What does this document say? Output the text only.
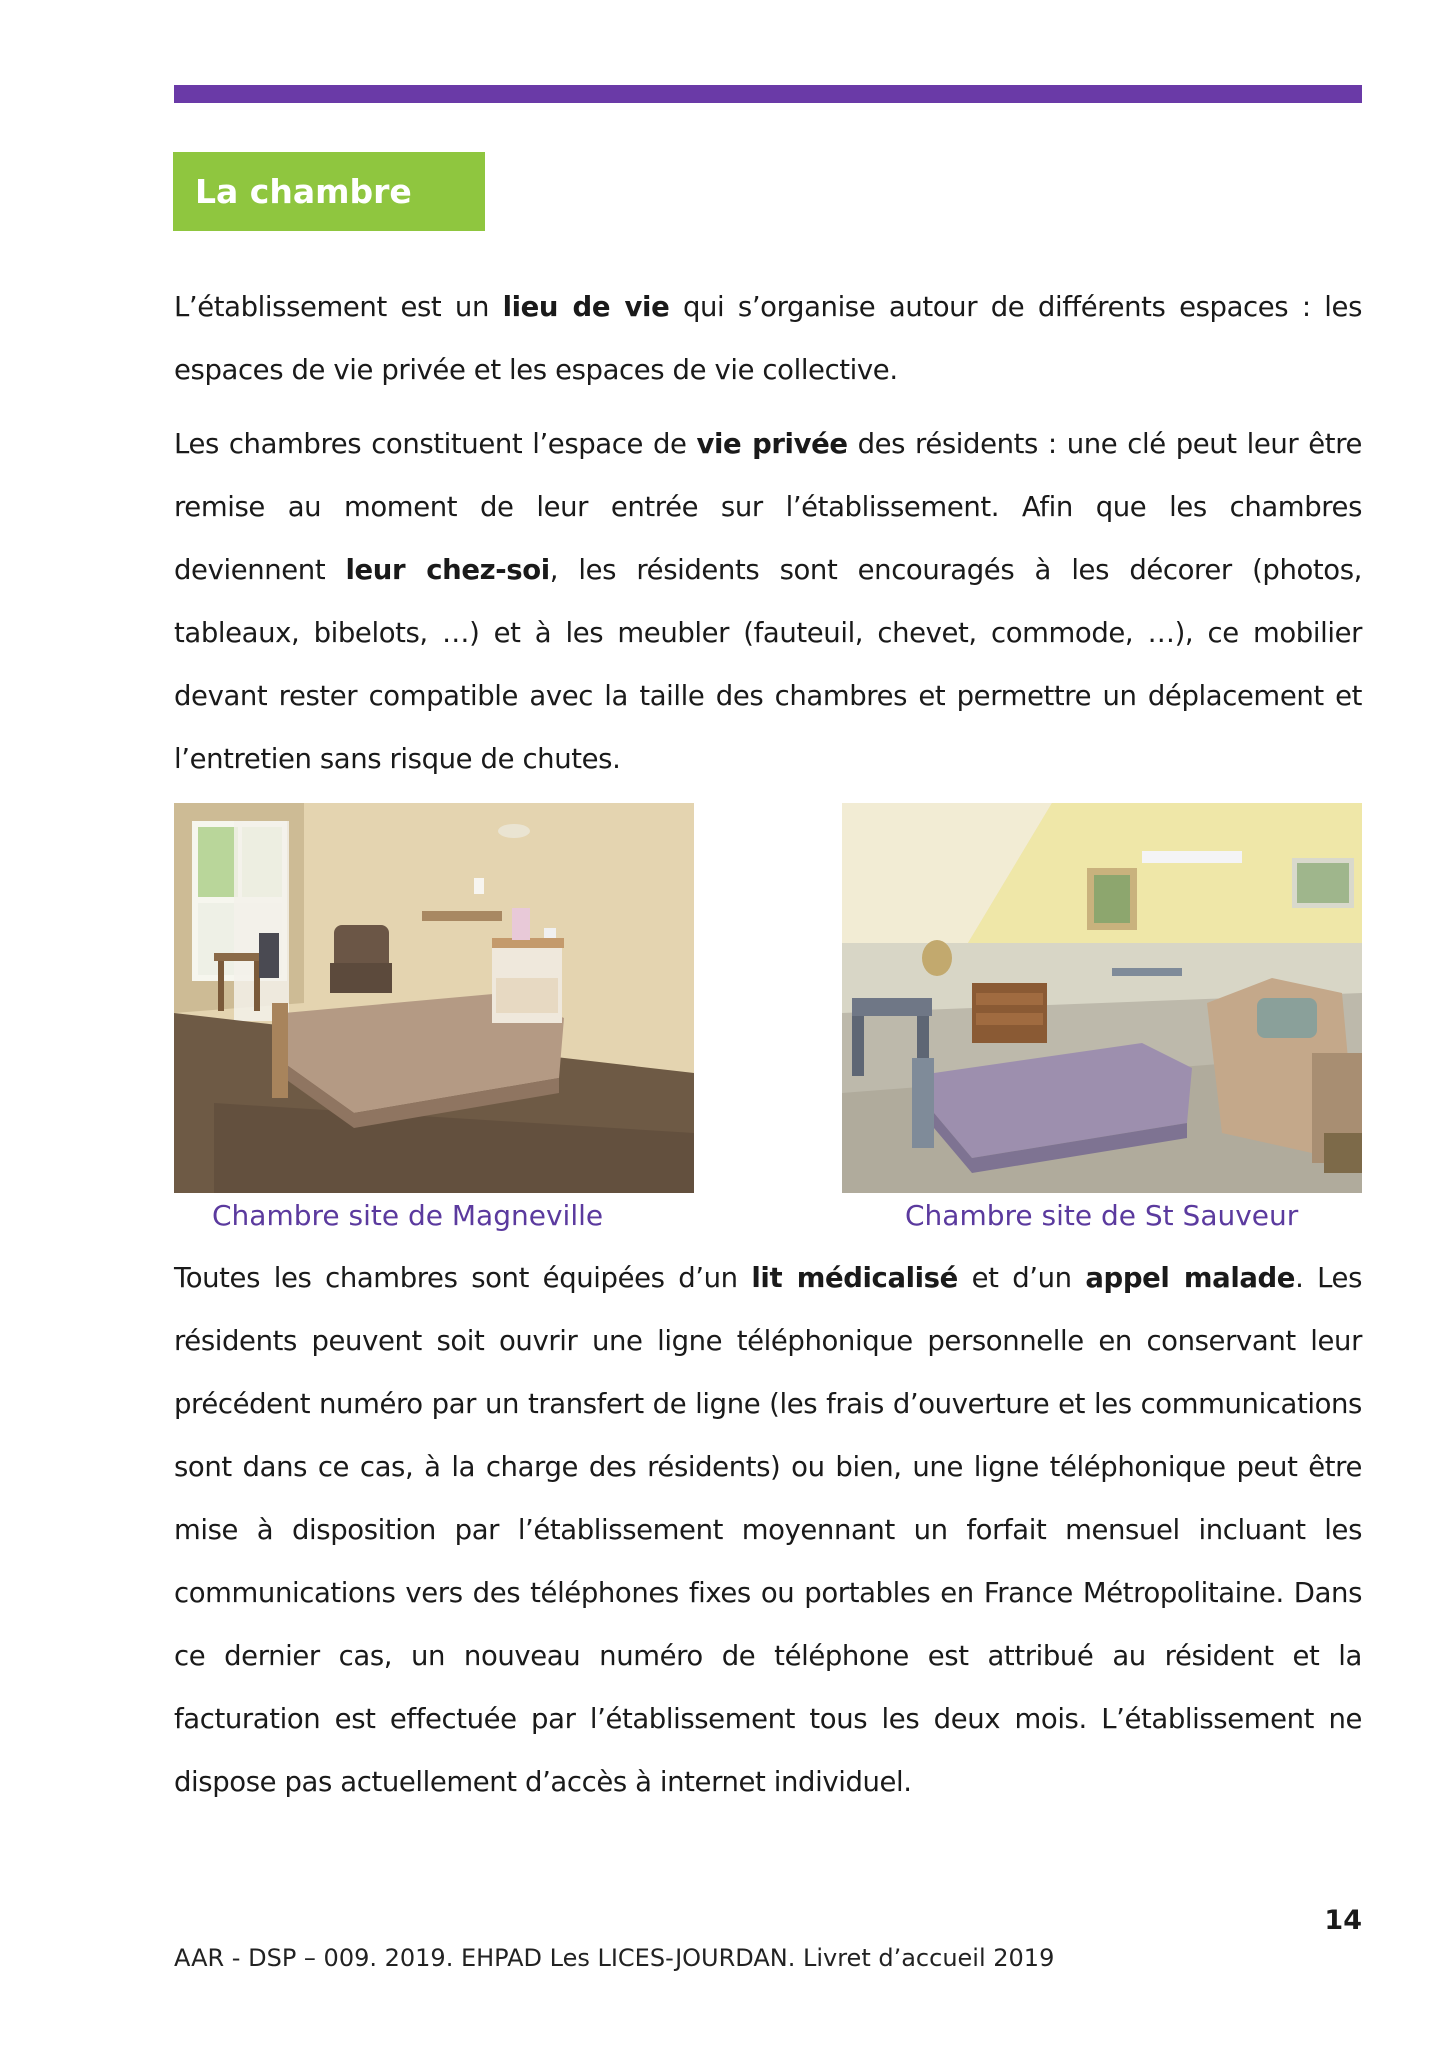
La chambre

L’établissement est un lieu de vie qui s’organise autour de différents espaces : les espaces de vie privée et les espaces de vie collective.

Les chambres constituent l’espace de vie privée des résidents : une clé peut leur être remise au moment de leur entrée sur l’établissement. Afin que les chambres deviennent leur chez-soi, les résidents sont encouragés à les décorer (photos, tableaux, bibelots, …) et à les meubler (fauteuil, chevet, commode, …), ce mobilier devant rester compatible avec la taille des chambres et permettre un déplacement et l’entretien sans risque de chutes.

Chambre site de Magneville	Chambre site de St Sauveur

Toutes les chambres sont équipées d’un lit médicalisé et d’un appel malade. Les résidents peuvent soit ouvrir une ligne téléphonique personnelle en conservant leur précédent numéro par un transfert de ligne (les frais d’ouverture et les communications sont dans ce cas, à la charge des résidents) ou bien, une ligne téléphonique peut être mise à disposition par l’établissement moyennant un forfait mensuel incluant les communications vers des téléphones fixes ou portables en France Métropolitaine. Dans ce dernier cas, un nouveau numéro de téléphone est attribué au résident et la facturation est effectuée par l’établissement tous les deux mois. L’établissement ne dispose pas actuellement d’accès à internet individuel.

14
AAR - DSP – 009. 2019. EHPAD Les LICES-JOURDAN. Livret d’accueil 2019
